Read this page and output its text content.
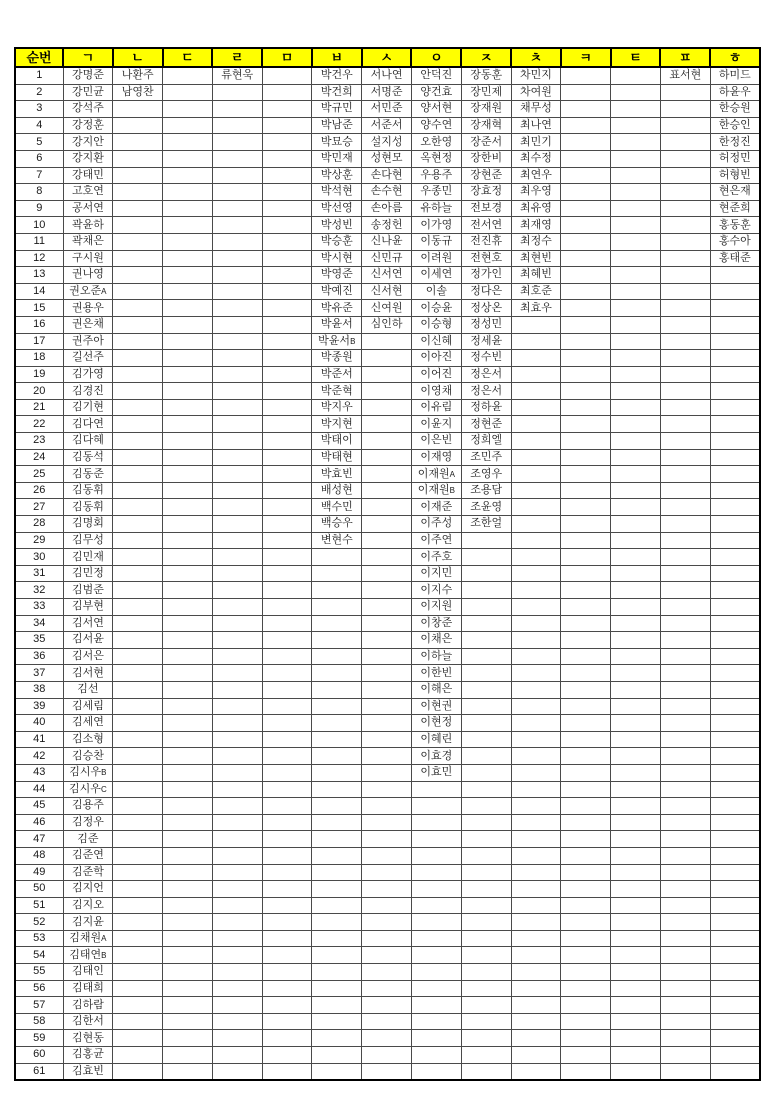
순번	ㄱ	ㄴ	ㄷ	ㄹ	ㅁ	ㅂ	ㅅ	ㅇ	ㅈ	ㅊ	ㅋ	ㅌ	ㅍ	ㅎ
1	강명준	나환주		류현욱		박건우	서나연	안덕진	장동훈	차민지			표서현	하미드
2	강민균	남영찬				박건희	서명준	양건효	장민제	차여원				하윤우
3	강석주					박규민	서민준	양서현	장재원	채무성				한승원
4	강정훈					박남준	서준서	양수연	장재혁	최나연				한승인
5	강지안					박묘승	설지성	오한영	장준서	최민기				한정진
6	강지환					박민재	성현모	옥현정	장한비	최수정				허정민
7	강태민					박상훈	손다현	우용주	장현준	최연우				허형빈
8	고호연					박석현	손수현	우종민	장효정	최우영				현은재
9	공서연					박선영	손아름	유하늘	전보경	최유영				현준희
10	곽윤하					박성빈	송정헌	이가영	전서연	최재영				홍동훈
11	곽채은					박승훈	신나윤	이동규	전진휴	최정수				홍수아
12	구시원					박시현	신민규	이려원	전현호	최현빈				홍태준
13	권나영					박영준	신서연	이세연	정가인	최혜빈				
14	권오준A					박예진	신서현	이솔	정다은	최호준				
15	권용우					박유준	신여원	이승윤	정상온	최효우				
16	권은채					박윤서	심인하	이승형	정성민					
17	권주아					박윤서B		이신혜	정세윤					
18	길선주					박종원		이아진	정수빈					
19	김가영					박준서		이어진	정은서					
20	김경진					박준혁		이영채	정은서					
21	김기현					박지우		이유림	정하윤					
22	김다연					박지현		이윤지	정현준					
23	김다혜					박태이		이은빈	정희엘					
24	김동석					박태현		이재영	조민주					
25	김동준					박효빈		이재원A	조영우					
26	김동휘					배성현		이재원B	조용담					
27	김동휘					백수민		이재준	조윤영					
28	김명회					백승우		이주성	조한얼					
29	김무성					변현수		이주연						
30	김민재							이주호						
31	김민정							이지민						
32	김범준							이지수						
33	김부현							이지원						
34	김서연							이창준						
35	김서윤							이채은						
36	김서은							이하늘						
37	김서현							이한빈						
38	김선							이해은						
39	김세림							이현권						
40	김세연							이현정						
41	김소형							이혜린						
42	김승찬							이효경						
43	김시우B							이효민						
44	김시우C													
45	김용주													
46	김정우													
47	김준													
48	김준연													
49	김준학													
50	김지언													
51	김지오													
52	김지윤													
53	김채원A													
54	김태연B													
55	김태인													
56	김태희													
57	김하람													
58	김한서													
59	김현동													
60	김홍균													
61	김효빈													
